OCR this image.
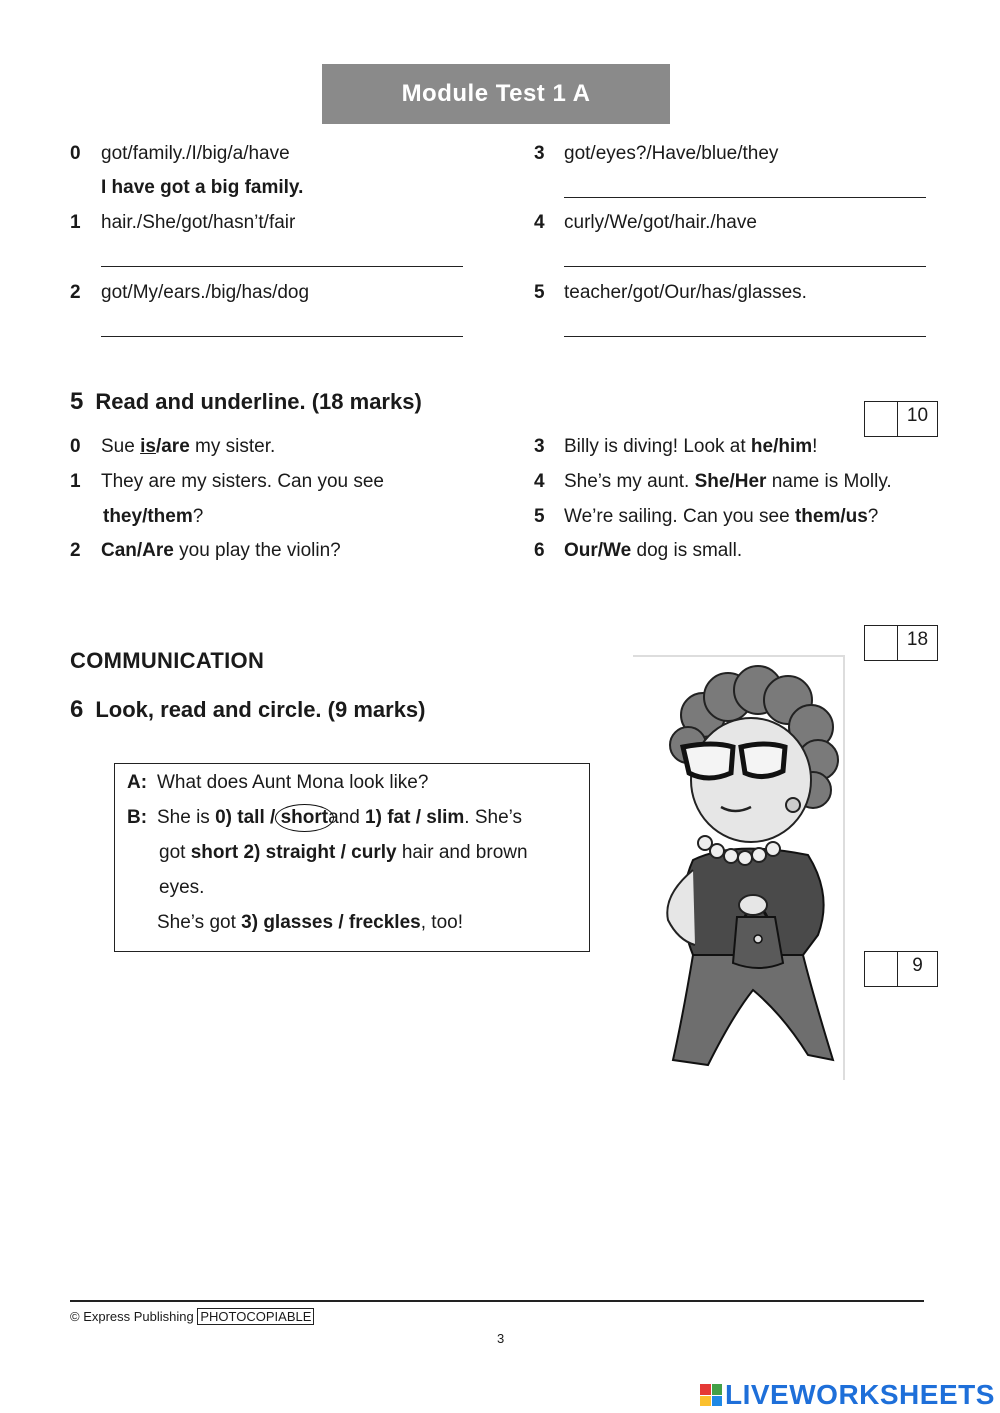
Module Test 1 A
0 got/family./I/big/a/have
I have got a big family.
1 hair./She/got/hasn’t/fair
2 got/My/ears./big/has/dog
3 got/eyes?/Have/blue/they
4 curly/We/got/hair./have
5 teacher/got/Our/has/glasses.
5 Read and underline. (18 marks)
10
0 Sue is/are my sister.
1 They are my sisters. Can you see
they/them?
2 Can/Are you play the violin?
3 Billy is diving! Look at he/him!
4 She’s my aunt. She/Her name is Molly.
5 We’re sailing. Can you see them/us?
6 Our/We dog is small.
18
COMMUNICATION
6 Look, read and circle. (9 marks)
A: What does Aunt Mona look like?
B: She is 0) tall / shortand 1) fat / slim. She’s
got short 2) straight / curly hair and brown
eyes.
She’s got 3) glasses / freckles, too!
9
© Express Publishing PHOTOCOPIABLE
3
LIVEWORKSHEETS
